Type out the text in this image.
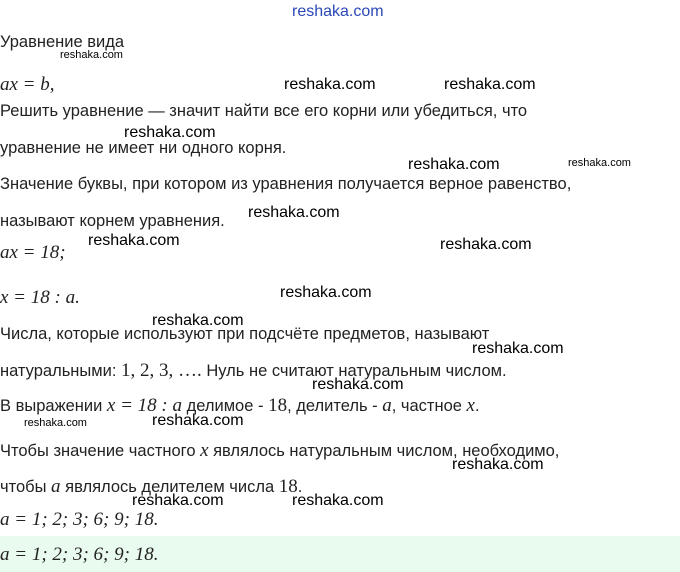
Уравнение вида
ax = b,
Решить уравнение — значит найти все его корни или убедиться, что
уравнение не имеет ни одного корня.
Значение буквы, при котором из уравнения получается верное равенство,
называют корнем уравнения.
ax = 18;
x = 18 : a.
Числа, которые используют при подсчёте предметов, называют
натуральными: 1, 2, 3, …. Нуль не считают натуральным числом.
В выражении x = 18 : a делимое - 18, делитель - a, частное x.
Чтобы значение частного x являлось натуральным числом, необходимо,
чтобы a являлось делителем числа 18.
a = 1; 2; 3; 6; 9; 18.
a = 1; 2; 3; 6; 9; 18.
reshaka.com
reshaka.com
reshaka.com	reshaka.com
reshaka.com
reshaka.com	reshaka.com
reshaka.com
reshaka.com	reshaka.com
reshaka.com
reshaka.com
reshaka.com
reshaka.com
reshaka.com	reshaka.com
reshaka.com
reshaka.com	reshaka.com
